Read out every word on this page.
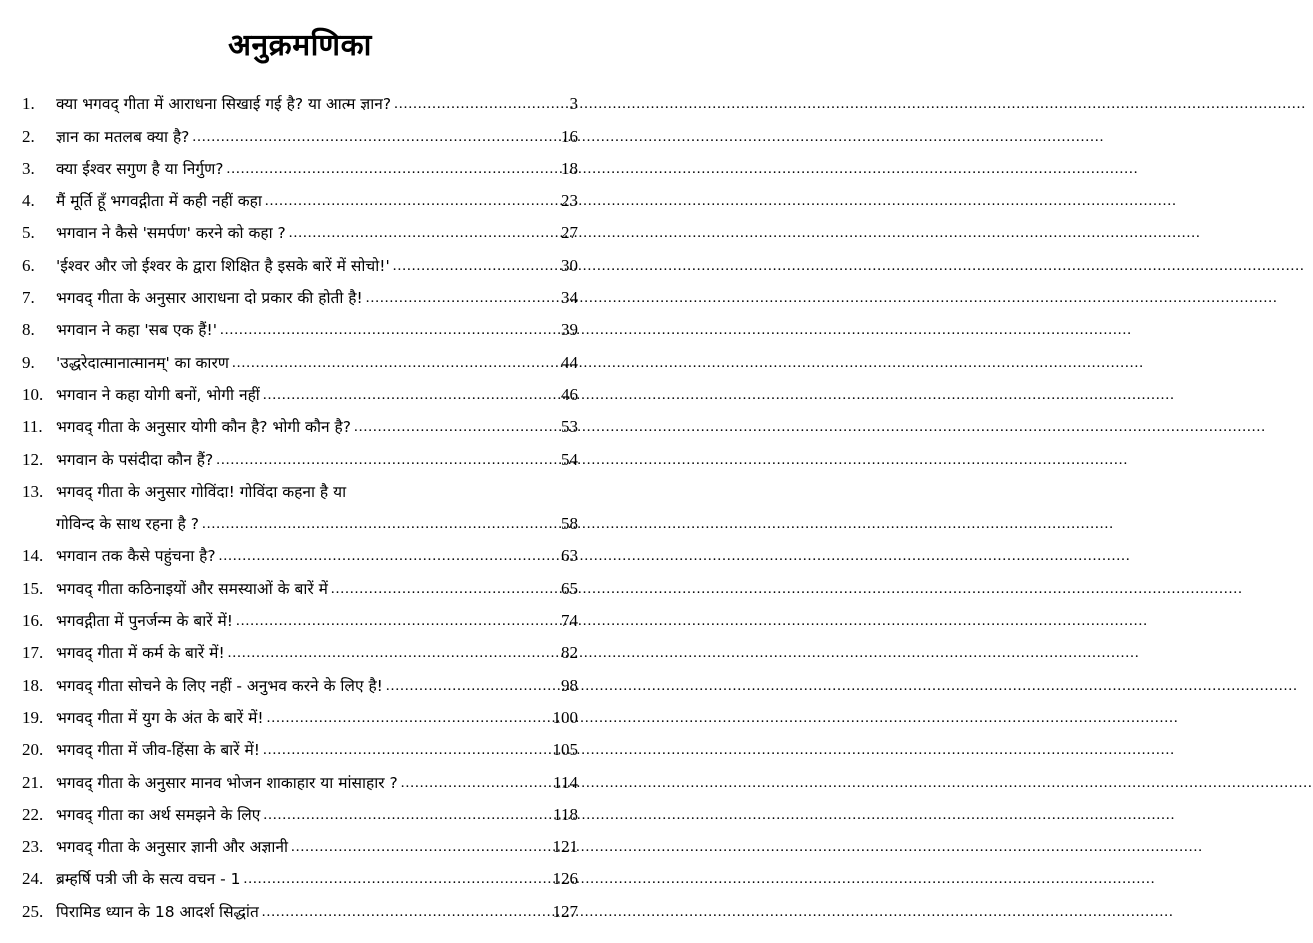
अनुक्रमणिका
1.	क्या भगवद् गीता में आराधना सिखाई गई है? या आत्म ज्ञान? .....	3
2.	ज्ञान का मतलब क्या है? .....	16
3.	क्या ईश्वर सगुण है या निर्गुण? .....	18
4.	मैं मूर्ति हूँ भगवद्गीता में कही नहीं कहा .....	23
5.	भगवान ने कैसे 'समर्पण' करने को कहा ? .....	27
6.	'ईश्वर और जो ईश्वर के द्वारा शिक्षित है इसके बारें में सोचो!' .....	30
7.	भगवद् गीता के अनुसार आराधना दो प्रकार की होती है! .....	34
8.	भगवान ने कहा 'सब एक हैं!' .....	39
9.	'उद्धरेदात्मानात्मानम्' का कारण .....	44
10. भगवान ने कहा योगी बनों, भोगी नहीं .....	46
11. भगवद् गीता के अनुसार योगी कौन है? भोगी कौन है? .....	53
12. भगवान के पसंदीदा कौन हैं? .....	54
13. भगवद् गीता के अनुसार गोविंदा! गोविंदा कहना है या
गोविन्द के साथ रहना है ? .....	58
14. भगवान तक कैसे पहुंचना है? .....	63
15. भगवद् गीता कठिनाइयों और समस्याओं के बारें में .....	65
16. भगवद्गीता में पुनर्जन्म के बारें में! .....	74
17. भगवद् गीता में कर्म के बारें में! .....	82
18. भगवद् गीता सोचने के लिए नहीं - अनुभव करने के लिए है! .....	98
19. भगवद् गीता में युग के अंत के बारें में! .....	100
20. भगवद् गीता में जीव-हिंसा के बारें में! .....	105
21. भगवद् गीता के अनुसार मानव भोजन शाकाहार या मांसाहार ? .....	114
22. भगवद् गीता का अर्थ समझने के लिए .....	118
23. भगवद् गीता के अनुसार ज्ञानी और अज्ञानी .....	121
24. ब्रम्हर्षि पत्री जी के सत्य वचन - 1 .....	126
25. पिरामिड ध्यान के 18 आदर्श सिद्धांत .....	127
